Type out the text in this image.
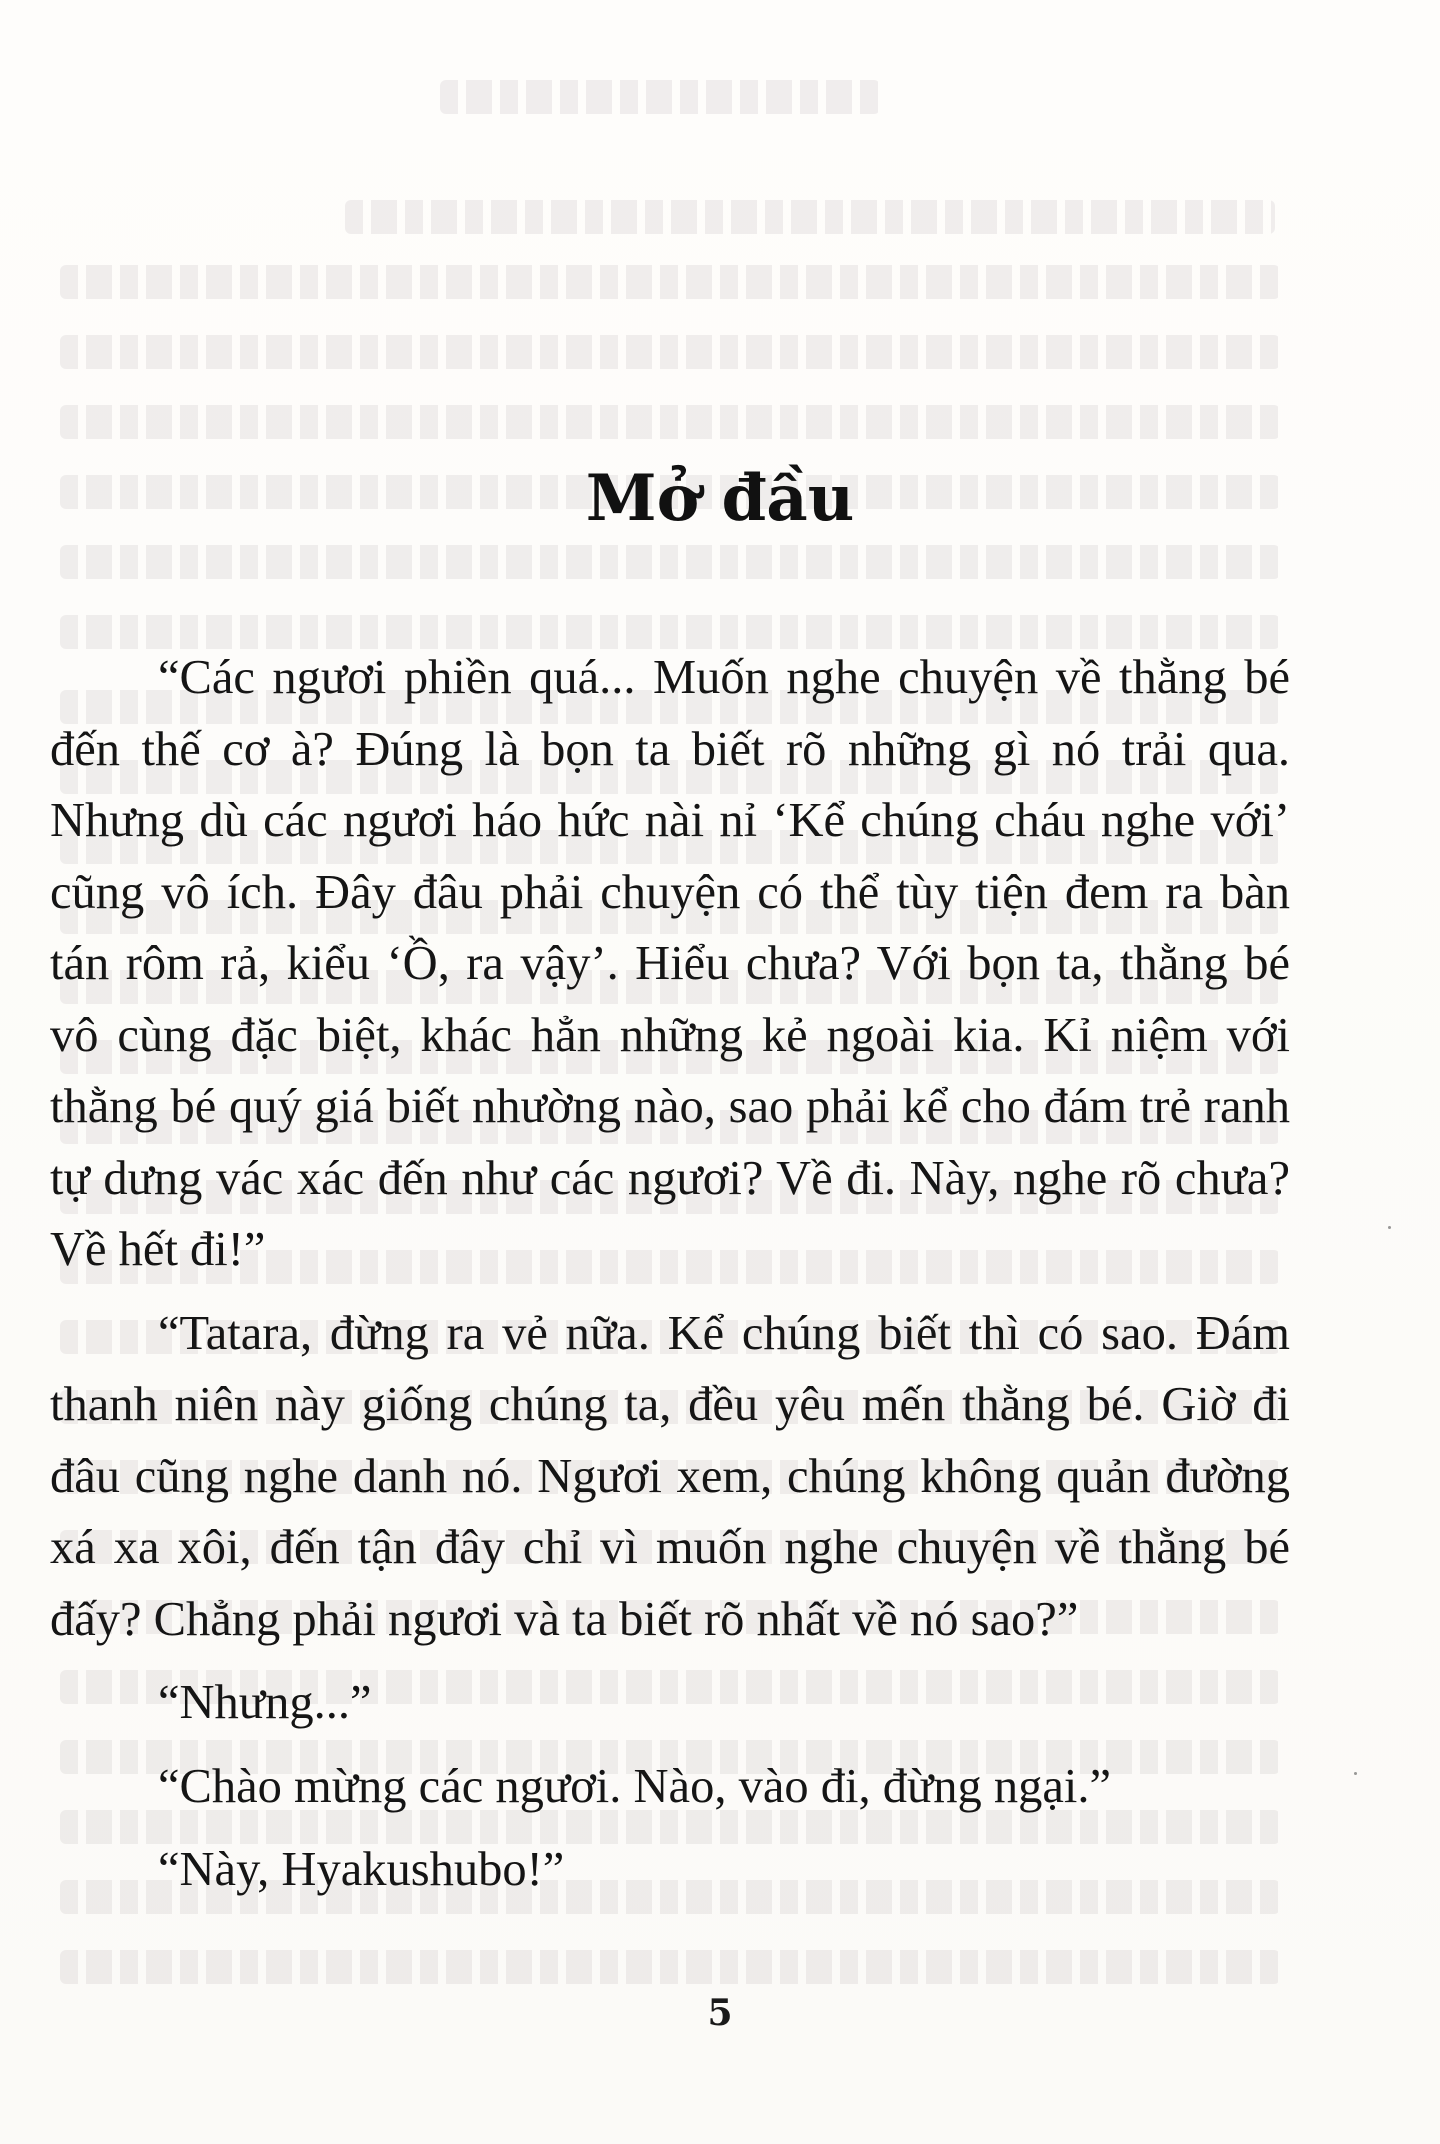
Mở đầu

“Các ngươi phiền quá... Muốn nghe chuyện về thằng bé đến thế cơ à? Đúng là bọn ta biết rõ những gì nó trải qua. Nhưng dù các ngươi háo hức nài nỉ ‘Kể chúng cháu nghe với’ cũng vô ích. Đây đâu phải chuyện có thể tùy tiện đem ra bàn tán rôm rả, kiểu ‘Ồ, ra vậy’. Hiểu chưa? Với bọn ta, thằng bé vô cùng đặc biệt, khác hẳn những kẻ ngoài kia. Kỉ niệm với thằng bé quý giá biết nhường nào, sao phải kể cho đám trẻ ranh tự dưng vác xác đến như các ngươi? Về đi. Này, nghe rõ chưa? Về hết đi!”

“Tatara, đừng ra vẻ nữa. Kể chúng biết thì có sao. Đám thanh niên này giống chúng ta, đều yêu mến thằng bé. Giờ đi đâu cũng nghe danh nó. Ngươi xem, chúng không quản đường xá xa xôi, đến tận đây chỉ vì muốn nghe chuyện về thằng bé đấy? Chẳng phải ngươi và ta biết rõ nhất về nó sao?”

“Nhưng...”

“Chào mừng các ngươi. Nào, vào đi, đừng ngại.”

“Này, Hyakushubo!”

5
